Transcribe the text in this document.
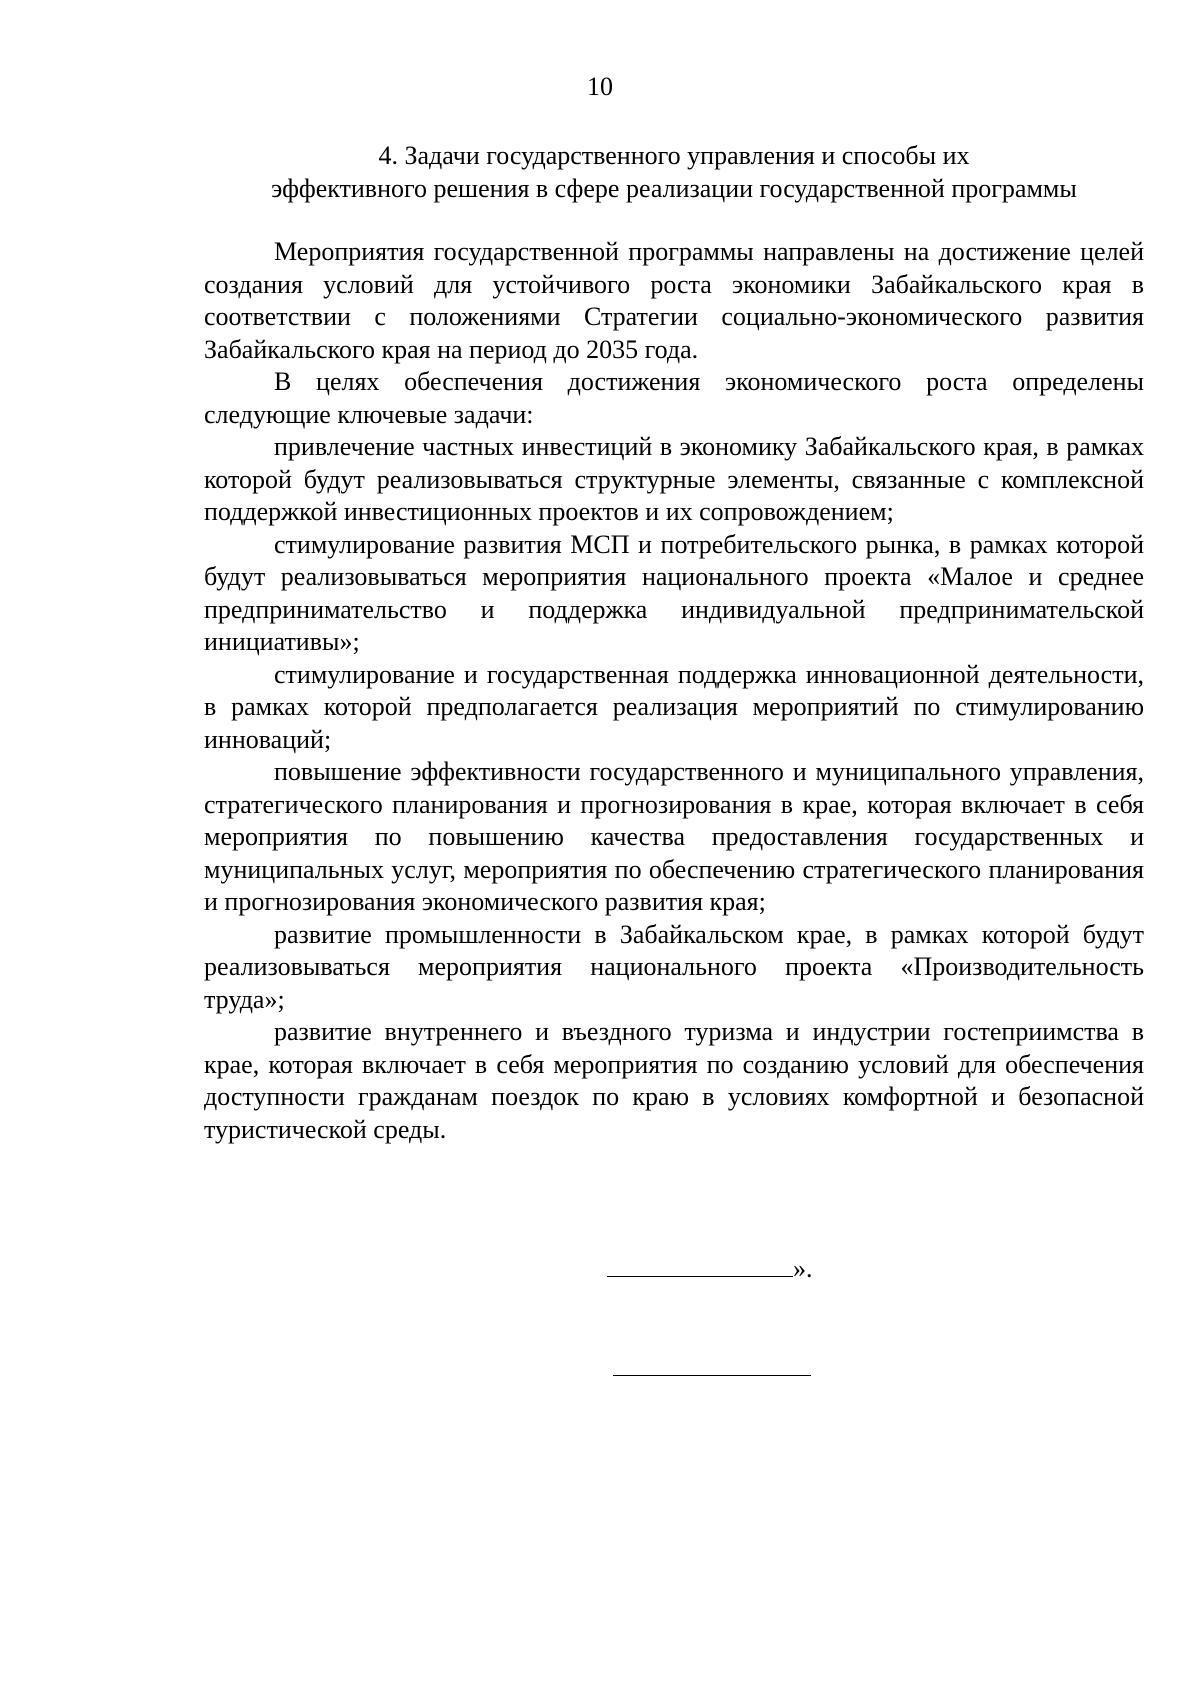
10
4. Задачи государственного управления и способы их
эффективного решения в сфере реализации государственной программы

Мероприятия государственной программы направлены на достижение целей создания условий для устойчивого роста экономики Забайкальского края в соответствии с положениями Стратегии социально-экономического развития Забайкальского края на период до 2035 года.

В целях обеспечения достижения экономического роста определены следующие ключевые задачи:

привлечение частных инвестиций в экономику Забайкальского края, в рамках которой будут реализовываться структурные элементы, связанные с комплексной поддержкой инвестиционных проектов и их сопровождением;

стимулирование развития МСП и потребительского рынка, в рамках которой будут реализовываться мероприятия национального проекта «Малое и среднее предпринимательство и поддержка индивидуальной предпринимательской инициативы»;

стимулирование и государственная поддержка инновационной деятельности, в рамках которой предполагается реализация мероприятий по стимулированию инноваций;

повышение эффективности государственного и муниципального управления, стратегического планирования и прогнозирования в крае, которая включает в себя мероприятия по повышению качества предоставления государственных и муниципальных услуг, мероприятия по обеспечению стратегического планирования и прогнозирования экономического развития края;

развитие промышленности в Забайкальском крае, в рамках которой будут реализовываться мероприятия национального проекта «Производительность труда»;

развитие внутреннего и въездного туризма и индустрии гостеприимства в крае, которая включает в себя мероприятия по созданию условий для обеспечения доступности гражданам поездок по краю в условиях комфортной и безопасной туристической среды.

».
